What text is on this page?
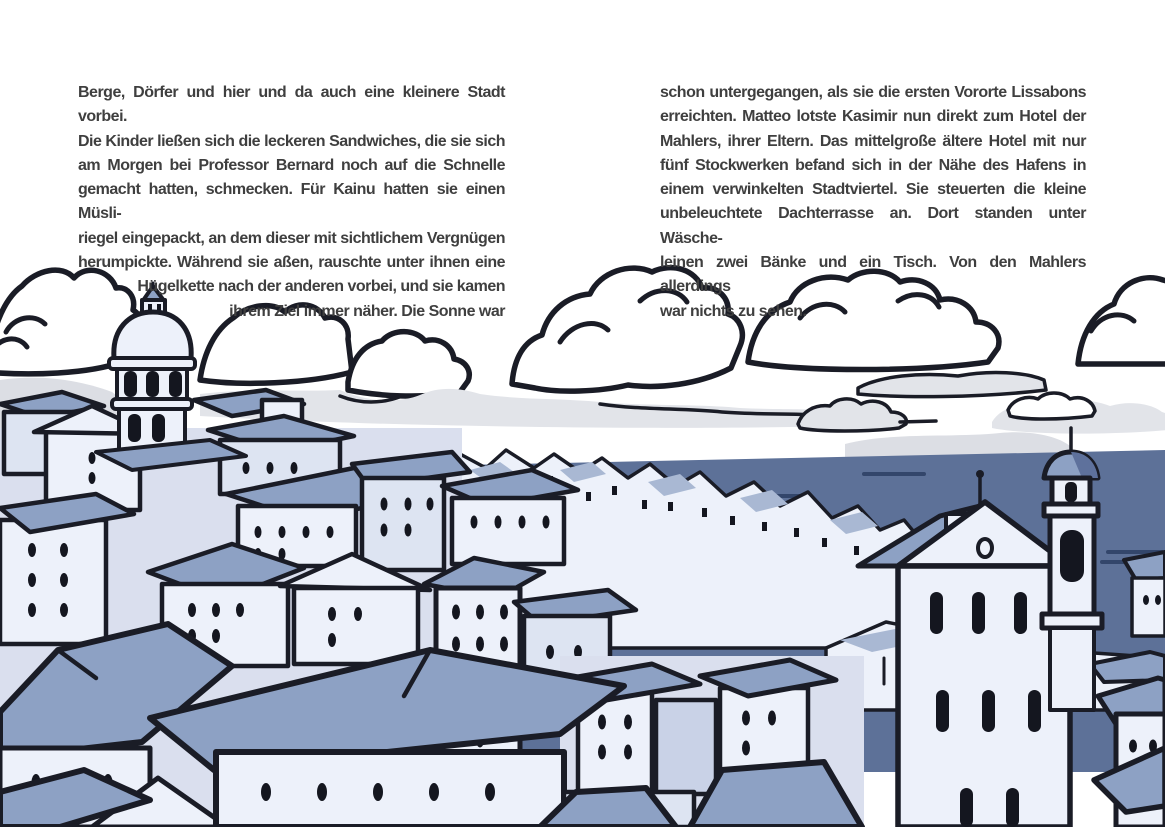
Berge, Dörfer und hier und da auch eine kleinere Stadt vorbei.
Die Kinder ließen sich die leckeren Sandwiches, die sie sich
am Morgen bei Professor Bernard noch auf die Schnelle
gemacht hatten, schmecken. Für Kainu hatten sie einen Müsli-
riegel eingepackt, an dem dieser mit sichtlichem Vergnügen
herumpickte. Während sie aßen, rauschte unter ihnen eine
Hügelkette nach der anderen vorbei, und sie kamen
ihrem Ziel immer näher. Die Sonne war
schon untergegangen, als sie die ersten Vororte Lissabons
erreichten. Matteo lotste Kasimir nun direkt zum Hotel der
Mahlers, ihrer Eltern. Das mittelgroße ältere Hotel mit nur
fünf Stockwerken befand sich in der Nähe des Hafens in
einem verwinkelten Stadtviertel. Sie steuerten die kleine
unbeleuchtete Dachterrasse an. Dort standen unter Wäsche-
leinen zwei Bänke und ein Tisch. Von den Mahlers allerdings
war nichts zu sehen.
